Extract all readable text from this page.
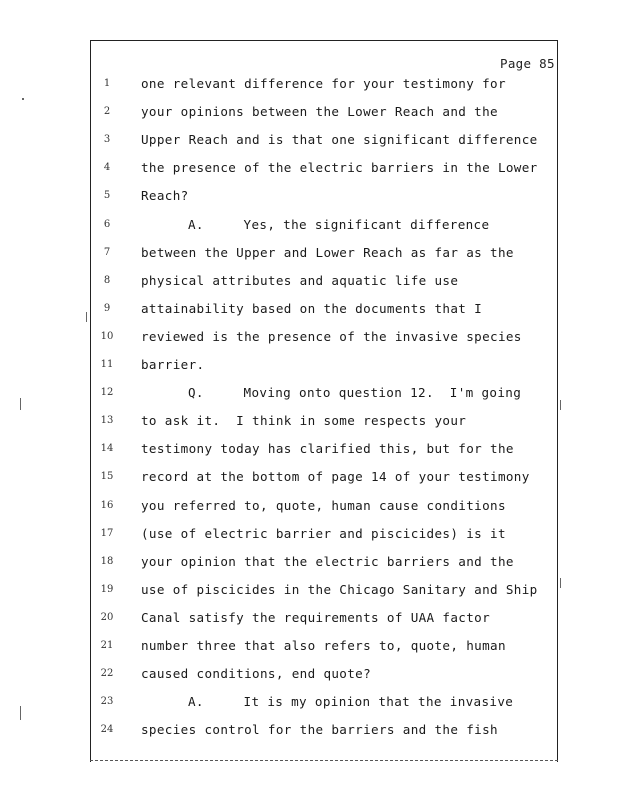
Page 85
1	one relevant difference for your testimony for
2	your opinions between the Lower Reach and the
3	Upper Reach and is that one significant difference
4	the presence of the electric barriers in the Lower
5	Reach?
6	A.     Yes, the significant difference
7	between the Upper and Lower Reach as far as the
8	physical attributes and aquatic life use
9	attainability based on the documents that I
10	reviewed is the presence of the invasive species
11	barrier.
12	Q.     Moving onto question 12.  I'm going
13	to ask it.  I think in some respects your
14	testimony today has clarified this, but for the
15	record at the bottom of page 14 of your testimony
16	you referred to, quote, human cause conditions
17	(use of electric barrier and piscicides) is it
18	your opinion that the electric barriers and the
19	use of piscicides in the Chicago Sanitary and Ship
20	Canal satisfy the requirements of UAA factor
21	number three that also refers to, quote, human
22	caused conditions, end quote?
23	A.     It is my opinion that the invasive
24	species control for the barriers and the fish
